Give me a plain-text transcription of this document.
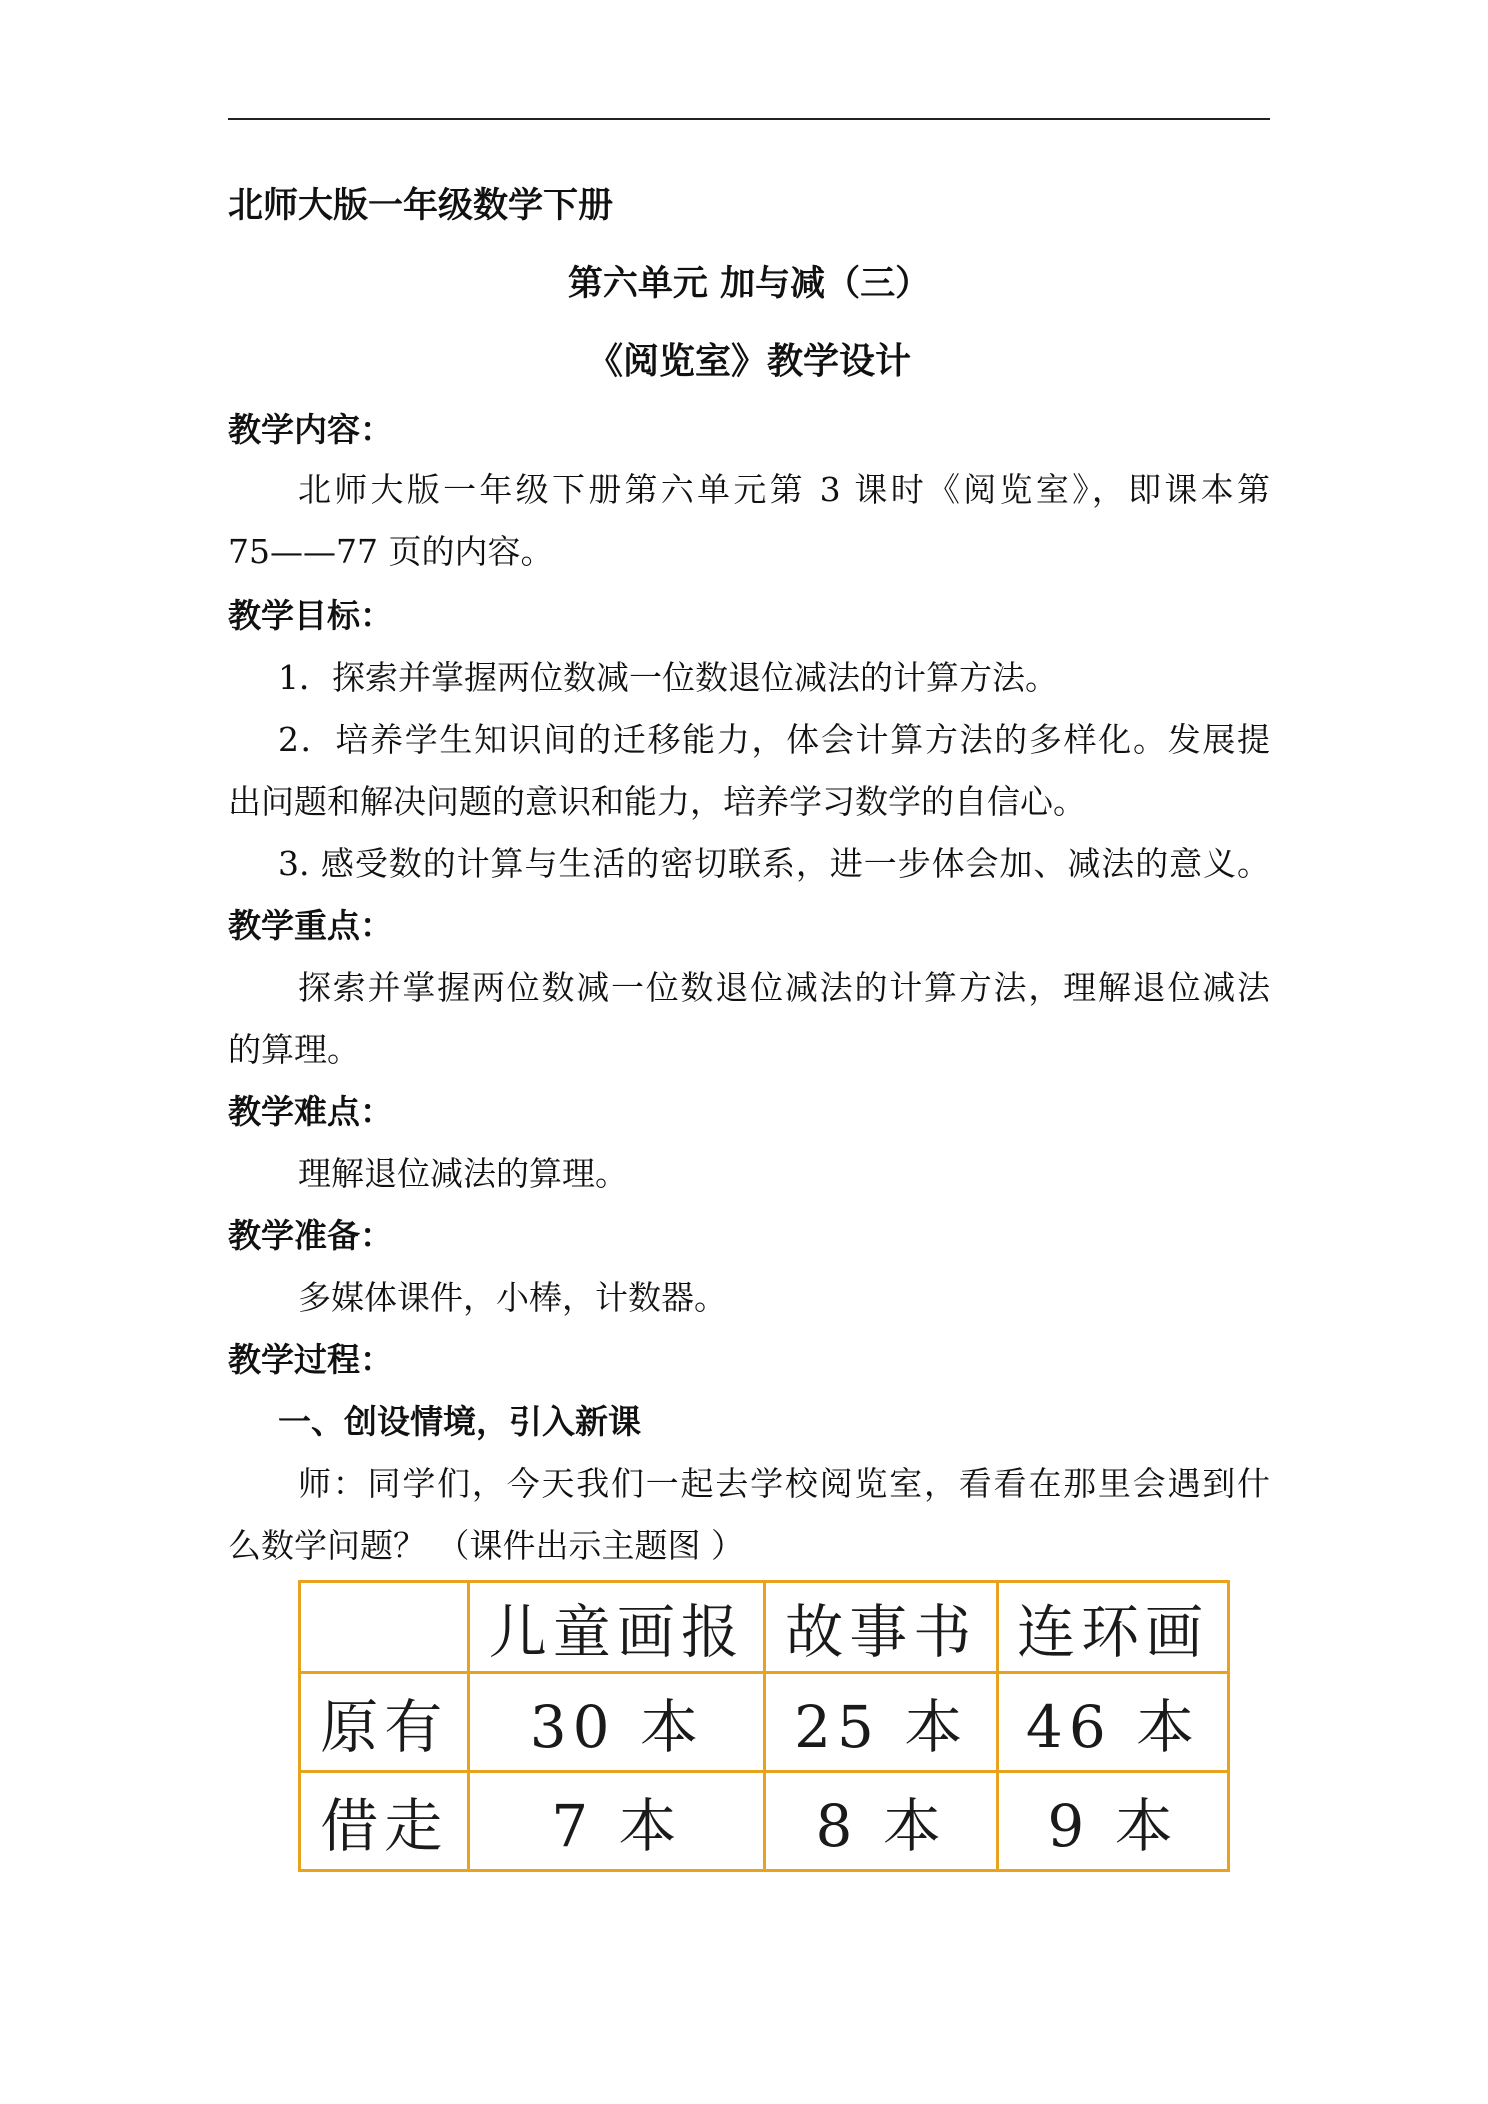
北师大版一年级数学下册
第六单元 加与减（三）
《阅览室》教学设计
教学内容：
北师大版一年级下册第六单元第 3 课时《阅览室》，即课本第
75——77 页的内容。
教学目标：
1．探索并掌握两位数减一位数退位减法的计算方法。
2．培养学生知识间的迁移能力，体会计算方法的多样化。发展提
出问题和解决问题的意识和能力，培养学习数学的自信心。
3. 感受数的计算与生活的密切联系，进一步体会加、减法的意义。
教学重点：
探索并掌握两位数减一位数退位减法的计算方法，理解退位减法
的算理。
教学难点：
理解退位减法的算理。
教学准备：
多媒体课件，小棒，计数器。
教学过程：
一、创设情境，引入新课
师：同学们，今天我们一起去学校阅览室，看看在那里会遇到什
么数学问题？ （课件出示主题图 ）
	儿童画报	故事书	连环画
原有	30 本	25 本	46 本
借走	7 本	8 本	9 本
